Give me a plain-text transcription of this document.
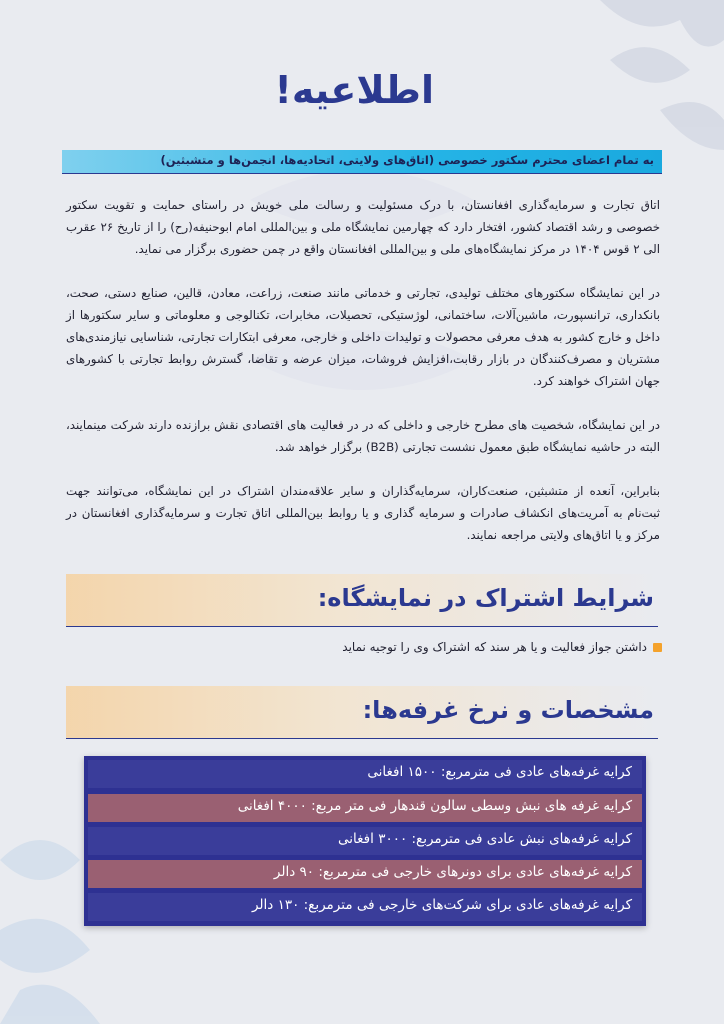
اطلاعیه!
به تمام اعضای محترم سکتور خصوصی (اتاق‌های ولایتی، اتحادیه‌ها، انجمن‌ها و متشبثین)

اتاق تجارت و سرمایه‌گذاری افغانستان، با درک مسئولیت و رسالت ملی خویش در راستای حمایت و تقویت سکتور خصوصی و رشد اقتصاد کشور، افتخار دارد که چهارمین نمایشگاه ملی و بین‌المللی امام ابوحنیفه(رح) را از تاریخ ۲۶ عقرب الی ۲ قوس ۱۴۰۴ در مرکز نمایشگاه‌های ملی و بین‌المللی افغانستان واقع در چمن حضوری برگزار می نماید.

در این نمایشگاه سکتورهای مختلف تولیدی، تجارتی و خدماتی مانند صنعت، زراعت، معادن، قالین، صنایع دستی، صحت، بانکداری، ترانسپورت، ماشین‌آلات، ساختمانی، لوژستیکی، تحصیلات، مخابرات، تکنالوجی و معلوماتی و سایر سکتورها از داخل و خارج کشور به هدف معرفی محصولات و تولیدات داخلی و خارجی، معرفی ابتکارات تجارتی، شناسایی نیازمندی‌های مشتریان و مصرف‌کنندگان در بازار رقابت،افزایش فروشات، میزان عرضه و تقاضا، گسترش روابط تجارتی با کشورهای جهان اشتراک خواهند کرد.

در این نمایشگاه، شخصیت های مطرح خارجی و داخلی که در در فعالیت های اقتصادی نقش برازنده دارند شرکت مینمایند، البته در حاشیه نمایشگاه طبق معمول نشست تجارتی (B2B) برگزار خواهد شد.

بنابراین، آنعده از متشبثین، صنعت‌کاران، سرمایه‌گذاران و سایر علاقه‌مندان اشتراک در این نمایشگاه، می‌توانند جهت ثبت‌نام به آمریت‌های انکشاف صادرات و سرمایه گذاری و یا روابط بین‌المللی اتاق تجارت و سرمایه‌گذاری افغانستان در مرکز و یا اتاق‌های ولایتی مراجعه نمایند.

شرایط اشتراک در نمایشگاه:
داشتن جواز فعالیت و یا هر سند که اشتراک وی را توجیه نماید
مشخصات و نرخ غرفه‌ها:
کرایه غرفه‌های عادی فی مترمربع: ۱۵۰۰ افغانی
کرایه غرفه های نبش وسطی سالون قندهار فی متر مربع: ۴۰۰۰ افغانی
کرایه غرفه‌های نبش عادی فی مترمربع: ۳۰۰۰ افغانی
کرایه غرفه‌های عادی برای دونرهای خارجی فی مترمربع: ۹۰ دالر
کرایه غرفه‌های عادی برای شرکت‌های خارجی فی مترمربع: ۱۳۰ دالر
